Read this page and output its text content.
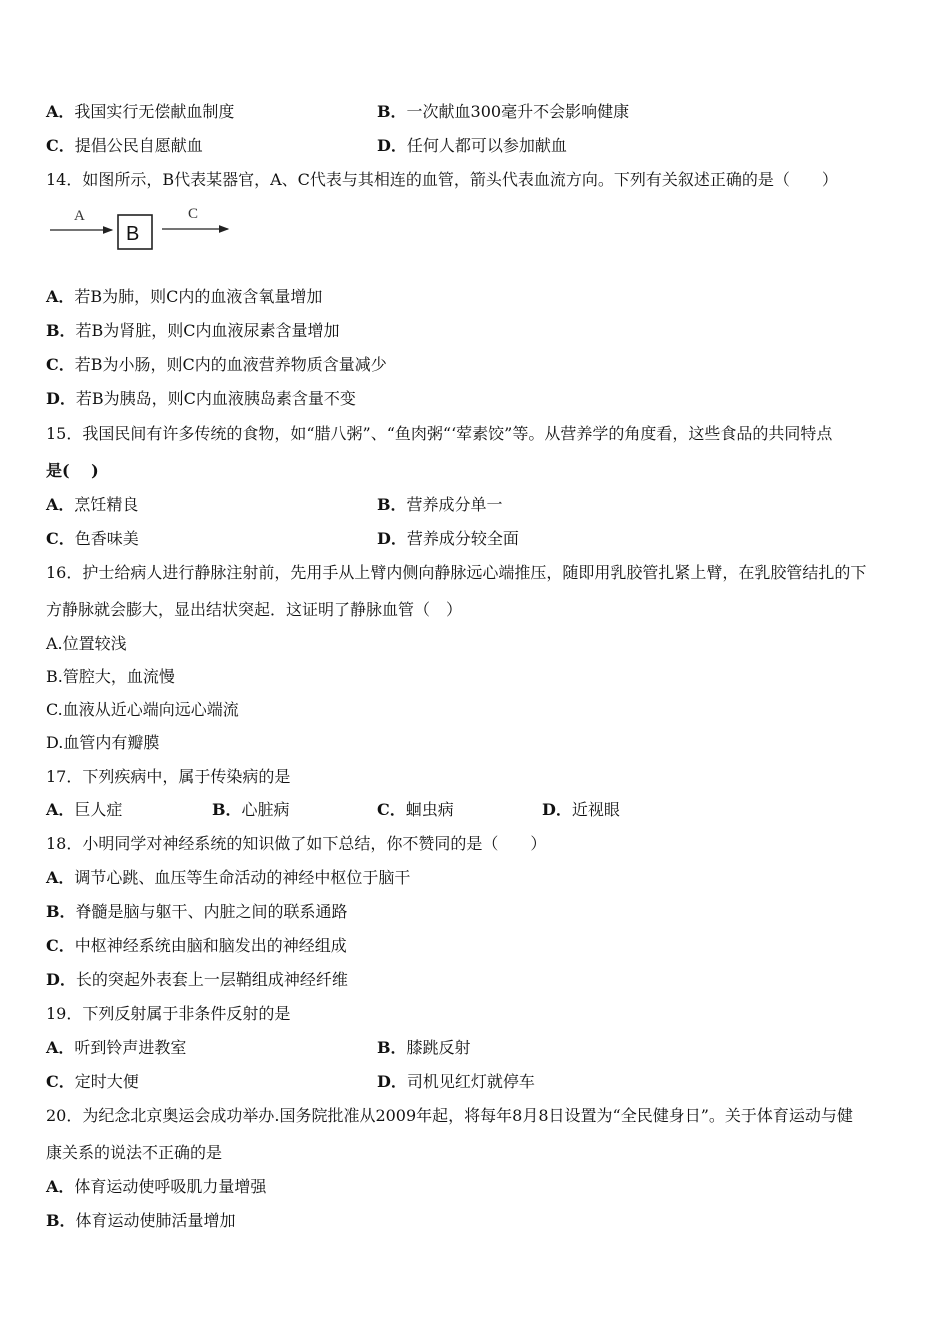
A．我国实行无偿献血制度	B．一次献血300毫升不会影响健康
C．提倡公民自愿献血	D．任何人都可以参加献血
14．如图所示，B代表某器官，A、C代表与其相连的血管，箭头代表血流方向。下列有关叙述正确的是（　　）
A
B
C
A．若B为肺，则C内的血液含氧量增加
B．若B为肾脏，则C内血液尿素含量增加
C．若B为小肠，则C内的血液营养物质含量减少
D．若B为胰岛，则C内血液胰岛素含量不变
15．我国民间有许多传统的食物，如“腊八粥”、“鱼肉粥“‘荤素饺”等。从营养学的角度看，这些食品的共同特点
是(　 )
A．烹饪精良	B．营养成分单一
C．色香味美	D．营养成分较全面
16．护士给病人进行静脉注射前，先用手从上臂内侧向静脉远心端推压，随即用乳胶管扎紧上臂，在乳胶管结扎的下
方静脉就会膨大，显出结状突起．这证明了静脉血管（　）
A.位置较浅
B.管腔大，血流慢
C.血液从近心端向远心端流
D.血管内有瓣膜
17．下列疾病中，属于传染病的是
A．巨人症	B．心脏病	C．蛔虫病	D．近视眼
18．小明同学对神经系统的知识做了如下总结，你不赞同的是（　　）
A．调节心跳、血压等生命活动的神经中枢位于脑干
B．脊髓是脑与躯干、内脏之间的联系通路
C．中枢神经系统由脑和脑发出的神经组成
D．长的突起外表套上一层鞘组成神经纤维
19．下列反射属于非条件反射的是
A．听到铃声进教室	B．膝跳反射
C．定时大便	D．司机见红灯就停车
20．为纪念北京奥运会成功举办.国务院批准从2009年起，将每年8月8日设置为“全民健身日”。关于体育运动与健
康关系的说法不正确的是
A．体育运动使呼吸肌力量增强
B．体育运动使肺活量增加
